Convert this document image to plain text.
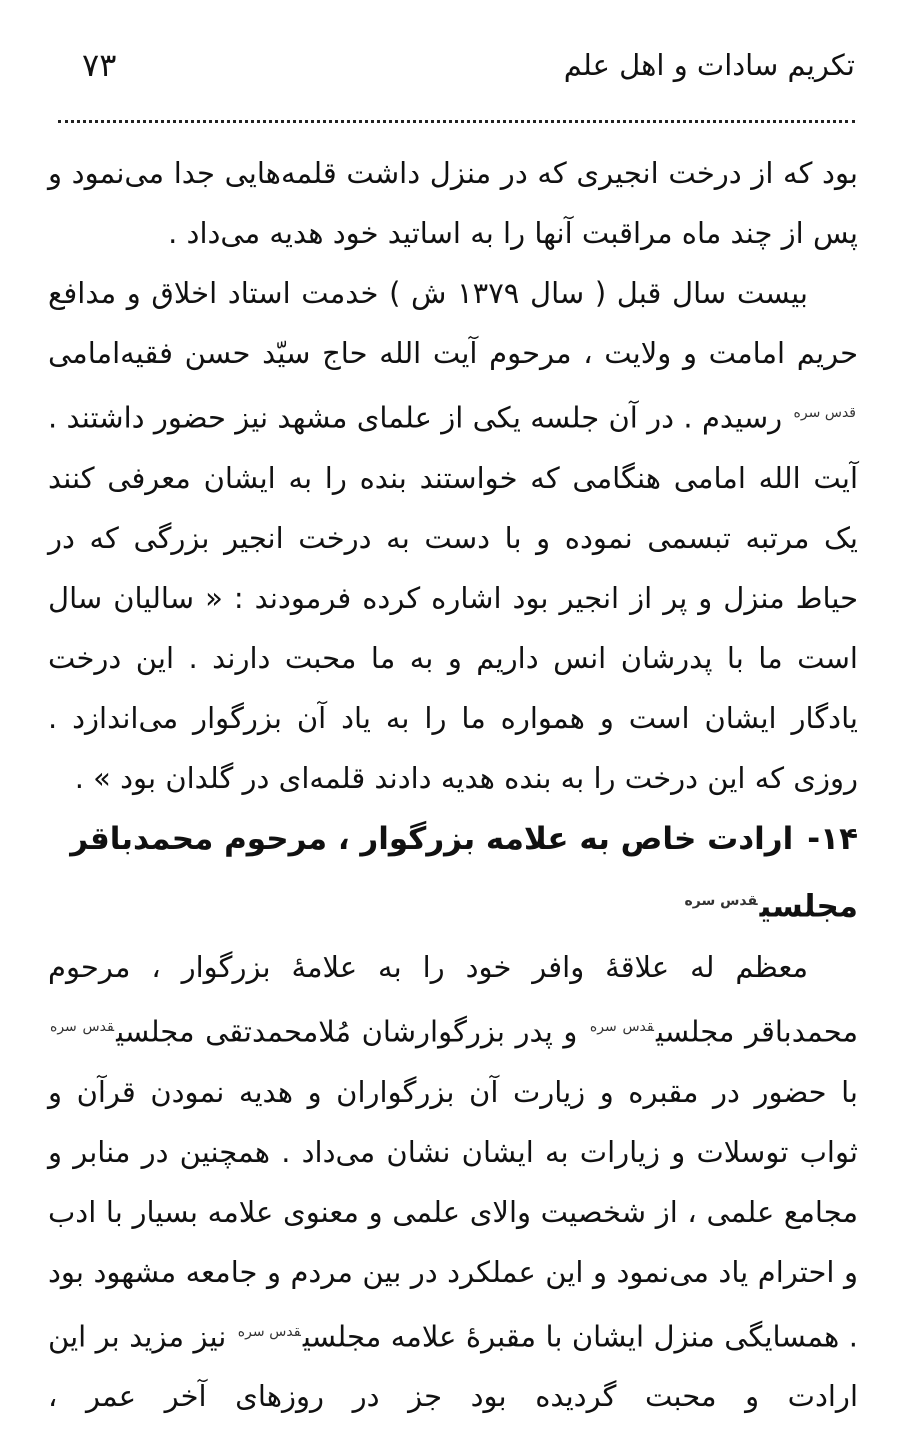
تکریم سادات و اهل علم
۷۳

بود که از درخت انجیری که در منزل داشت قلمه‌هایی جدا می‌نمود و پس از چند ماه مراقبت آنها را به اساتید خود هدیه می‌داد .

بیست سال قبل ( سال ۱۳۷۹ ش ) خدمت استاد اخلاق و مدافع حریم امامت و ولایت ، مرحوم آیت الله حاج سیّد حسن فقیه‌امامی $^{قدس سره}$ رسیدم . در آن جلسه یکی از علمای مشهد نیز حضور داشتند . آیت الله امامی هنگامی که خواستند بنده را به ایشان معرفی کنند یک مرتبه تبسمی نموده و با دست به درخت انجیر بزرگی که در حیاط منزل و پر از انجیر بود اشاره کرده فرمودند : « سالیان سال است ما با پدرشان انس داریم و به ما محبت دارند . این درخت یادگار ایشان است و همواره ما را به یاد آن بزرگوار می‌اندازد . روزی که این درخت را به بنده هدیه دادند قلمه‌ای در گلدان بود » .

۱۴-ارادت خاص به علامه بزرگوار ، مرحوم محمدباقر مجلسی$^{قدس سره}$

معظم له علاقهٔ وافر خود را به علامهٔ بزرگوار ، مرحوم محمدباقر مجلسی$^{قدس سره}$ و پدر بزرگوارشان مُلامحمدتقی مجلسی$^{قدس سره}$ با حضور در مقبره و زیارت آن بزرگواران و هدیه نمودن قرآن و ثواب توسلات و زیارات به ایشان نشان می‌داد . همچنین در منابر و مجامع علمی ، از شخصیت والای علمی و معنوی علامه بسیار با ادب و احترام یاد می‌نمود و این عملکرد در بین مردم و جامعه مشهود بود . همسایگی منزل ایشان با مقبرهٔ علامه مجلسی$^{قدس سره}$ نیز مزید بر این ارادت و محبت گردیده بود جز در روزهای آخر عمر ،
